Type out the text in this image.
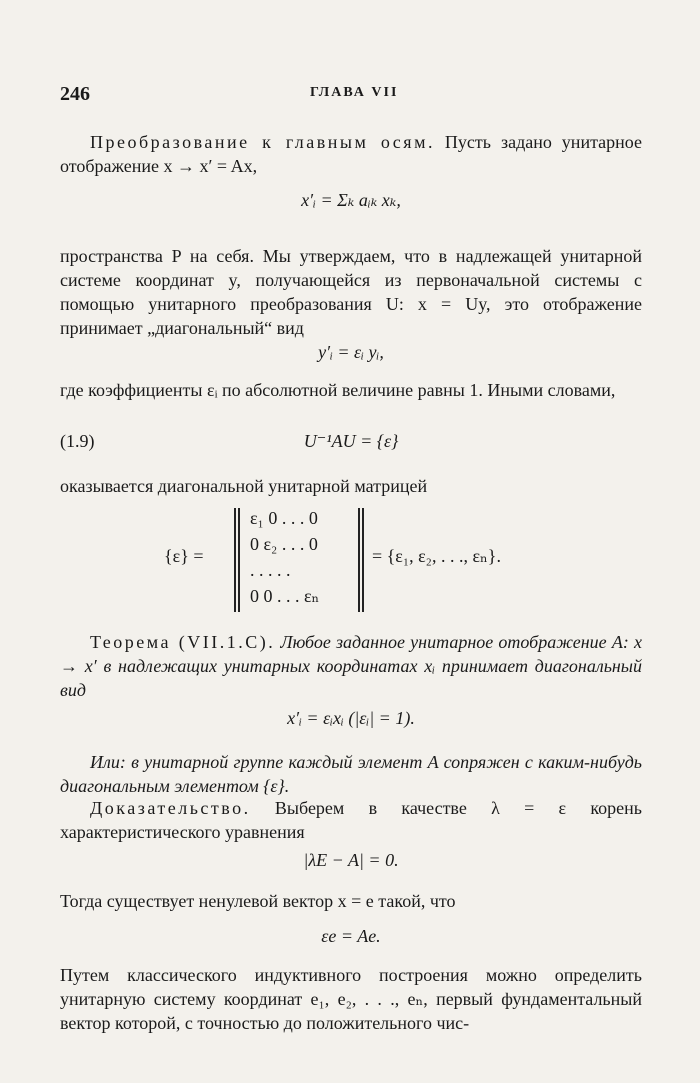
246	ГЛАВА VII
Преобразование к главным осям. Пусть задано унитарное отображение x → x′ = Ax,
x′ᵢ = Σₖ aᵢₖ xₖ,
пространства P на себя. Мы утверждаем, что в надлежащей унитарной системе координат y, получающейся из первоначальной системы с помощью унитарного преобразования U: x = Uy, это отображение принимает „диагональный“ вид
y′ᵢ = εᵢ yᵢ,
где коэффициенты εᵢ по абсолютной величине равны 1. Иными словами,
(1.9)	U⁻¹AU = {ε}
оказывается диагональной унитарной матрицей
{ε} =
ε₁ 0 . . . 0
0 ε₂ . . . 0
. . . . .
0 0 . . . εₙ
= {ε₁, ε₂, . . ., εₙ}.
Теорема (VII.1.C). Любое заданное унитарное отображение A: x → x′ в надлежащих унитарных координатах xᵢ принимает диагональный вид
x′ᵢ = εᵢxᵢ (|εᵢ| = 1).
Или: в унитарной группе каждый элемент A сопряжен с каким-нибудь диагональным элементом {ε}.
Доказательство. Выберем в качестве λ = ε корень характеристического уравнения
|λE − A| = 0.
Тогда существует ненулевой вектор x = e такой, что
εe = Ae.
Путем классического индуктивного построения можно определить унитарную систему координат e₁, e₂, . . ., eₙ, первый фундаментальный вектор которой, с точностью до положительного чис-
